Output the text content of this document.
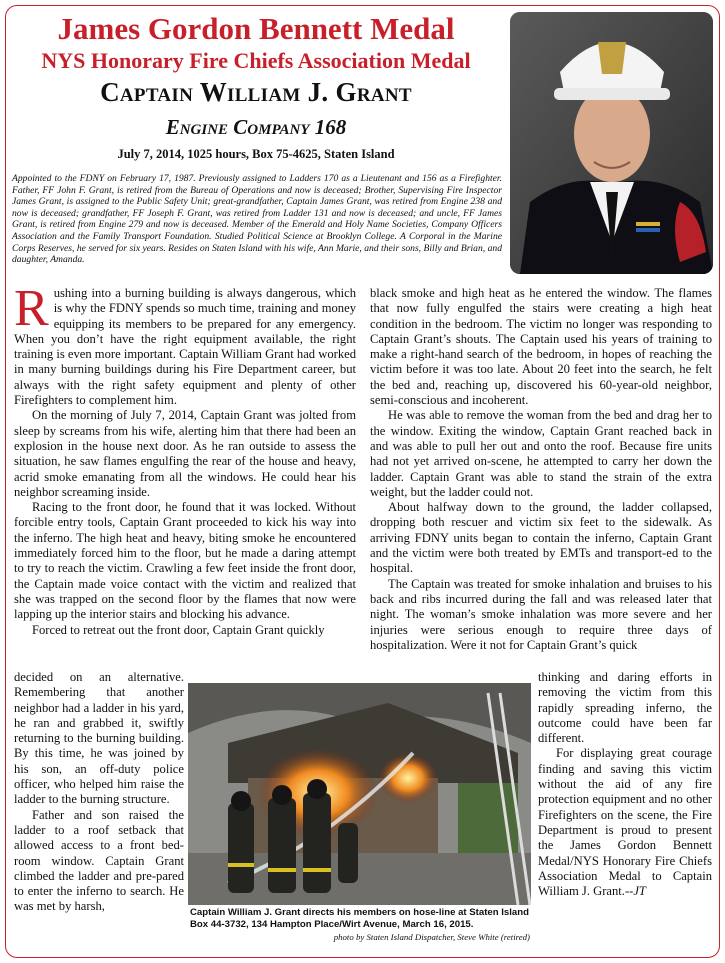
James Gordon Bennett Medal
NYS Honorary Fire Chiefs Association Medal
Captain William J. Grant
Engine Company 168
July 7, 2014, 1025 hours, Box 75-4625, Staten Island
Appointed to the FDNY on February 17, 1987. Previously assigned to Ladders 170 as a Lieutenant and 156 as a Firefighter. Father, FF John F. Grant, is retired from the Bureau of Operations and now is deceased; Brother, Supervising Fire Inspector James Grant, is assigned to the Public Safety Unit; great-grandfather, Captain James Grant, was retired from Engine 238 and now is deceased; grandfather, FF Joseph F. Grant, was retired from Ladder 131 and now is deceased; and uncle, FF James Grant, is retired from Engine 279 and now is deceased. Member of the Emerald and Holy Name Societies, Company Officers Association and the Family Transport Foundation. Studied Political Science at Brooklyn College. A Corporal in the Marine Corps Reserves, he served for six years. Resides on Staten Island with his wife, Ann Marie, and their sons, Billy and Brian, and daughter, Amanda.

Rushing into a burning building is always dangerous, which is why the FDNY spends so much time, training and money equipping its members to be prepared for any emergency. When you don’t have the right equipment available, the right training is even more important. Captain William Grant had worked in many burning buildings during his Fire Department career, but always with the right safety equipment and plenty of other Firefighters to complement him.

On the morning of July 7, 2014, Captain Grant was jolted from sleep by screams from his wife, alerting him that there had been an explosion in the house next door. As he ran outside to assess the situation, he saw flames engulfing the rear of the house and heavy, acrid smoke emanating from all the windows. He could hear his neighbor screaming inside.

Racing to the front door, he found that it was locked. Without forcible entry tools, Captain Grant proceeded to kick his way into the inferno. The high heat and heavy, biting smoke he encountered immediately forced him to the floor, but he made a daring attempt to try to reach the victim. Crawling a few feet inside the front door, the Captain made voice contact with the victim and realized that she was trapped on the second floor by the flames that now were lapping up the interior stairs and blocking his advance.

Forced to retreat out the front door, Captain Grant quickly

black smoke and high heat as he entered the window. The flames that now fully engulfed the stairs were creating a high heat condition in the bedroom. The victim no longer was responding to Captain Grant’s shouts. The Captain used his years of training to make a right-hand search of the bedroom, in hopes of reaching the victim before it was too late. About 20 feet into the search, he felt the bed and, reaching up, discovered his 60-year-old neighbor, semi-conscious and incoherent.

He was able to remove the woman from the bed and drag her to the window. Exiting the window, Captain Grant reached back in and was able to pull her out and onto the roof. Because fire units had not yet arrived on-scene, he attempted to carry her down the ladder. Captain Grant was able to stand the strain of the extra weight, but the ladder could not.

About halfway down to the ground, the ladder collapsed, dropping both rescuer and victim six feet to the sidewalk. As arriving FDNY units began to contain the inferno, Captain Grant and the victim were both treated by EMTs and transport-ed to the hospital.

The Captain was treated for smoke inhalation and bruises to his back and ribs incurred during the fall and was released later that night. The woman’s smoke inhalation was more severe and her injuries were serious enough to require three days of hospitalization. Were it not for Captain Grant’s quick

decided on an alternative. Remembering that another neighbor had a ladder in his yard, he ran and grabbed it, swiftly returning to the burning building. By this time, he was joined by his son, an off-duty police officer, who helped him raise the ladder to the burning structure.

Father and son raised the ladder to a roof setback that allowed access to a front bed-room window. Captain Grant climbed the ladder and pre-pared to enter the inferno to search. He was met by harsh,

thinking and daring efforts in removing the victim from this rapidly spreading inferno, the outcome could have been far different.

For displaying great courage finding and saving this victim without the aid of any fire protection equipment and no other Firefighters on the scene, the Fire Department is proud to present the James Gordon Bennett Medal/NYS Honorary Fire Chiefs Association Medal to Captain William J. Grant.--JT

Captain William J. Grant directs his members on hose-line at Staten Island Box 44-3732, 134 Hampton Place/Wirt Avenue, March 16, 2015.
photo by Staten Island Dispatcher, Steve White (retired)
